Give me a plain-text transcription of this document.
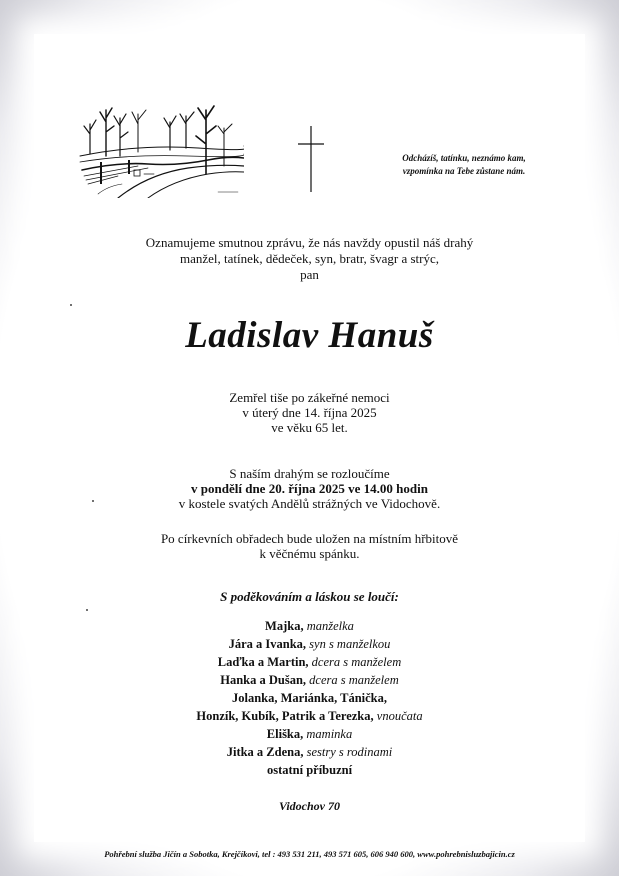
Odcházíš, tatínku, neznámo kam,
vzpomínka na Tebe zůstane nám.
Oznamujeme smutnou zprávu, že nás navždy opustil náš drahý
manžel, tatínek, dědeček, syn, bratr, švagr a strýc,
pan
Ladislav Hanuš
Zemřel tiše po zákeřné nemoci
v úterý dne 14. října 2025
ve věku 65 let.
S naším drahým se rozloučíme
v pondělí dne 20. října 2025 ve 14.00 hodin
v kostele svatých Andělů strážných ve Vidochově.
Po církevních obřadech bude uložen na místním hřbitově
k věčnému spánku.
S poděkováním a láskou se loučí:
Majka, manželka
Jára a Ivanka, syn s manželkou
Laďka a Martin, dcera s manželem
Hanka a Dušan, dcera s manželem
Jolanka, Mariánka, Tánička,
Honzík, Kubík, Patrik a Terezka, vnoučata
Eliška, maminka
Jitka a Zdena, sestry s rodinami
ostatní příbuzní
Vidochov 70
Pohřební služba Jičín a Sobotka, Krejčíkovi, tel : 493 531 211, 493 571 605, 606 940 600, www.pohrebnisluzbajicin.cz
